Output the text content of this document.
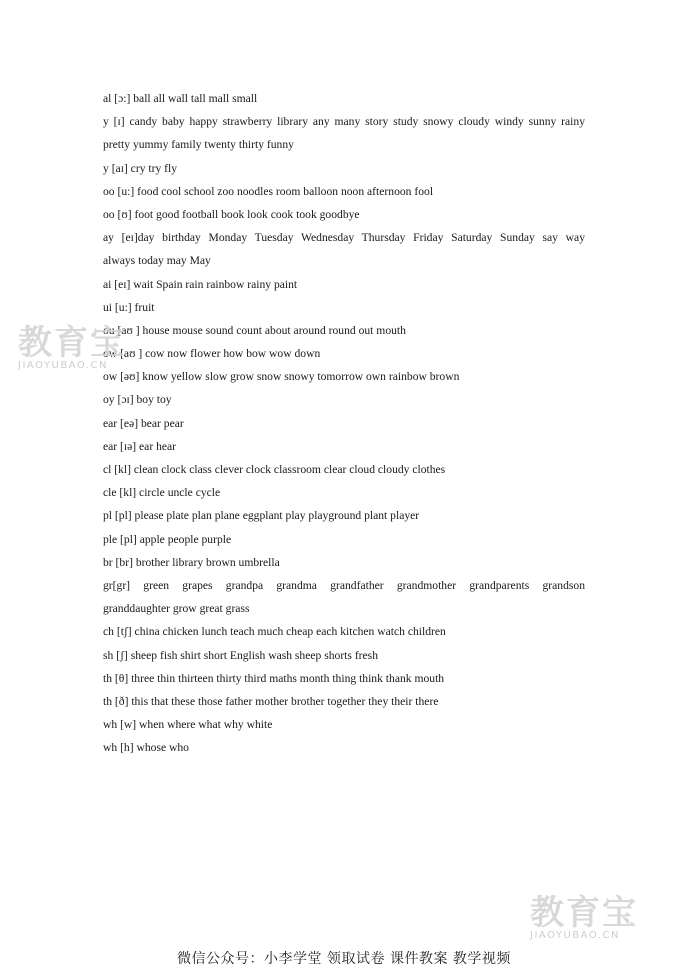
al [ɔ:] ball all wall tall mall small
y [ɪ] candy baby happy strawberry library any many story study snowy cloudy windy sunny rainy
pretty yummy family twenty thirty funny
y [aɪ] cry try fly
oo [u:] food cool school zoo noodles room balloon noon afternoon fool
oo [ʊ] foot good football book look cook took goodbye
ay [eɪ]day birthday Monday Tuesday Wednesday Thursday Friday Saturday Sunday say way
always today may May
ai [eɪ] wait Spain rain rainbow rainy paint
ui [u:] fruit
ou [aʊ ] house mouse sound count about around round out mouth
ow [aʊ ] cow now flower how bow wow down
ow [əʊ] know yellow slow grow snow snowy tomorrow own rainbow brown
oy [ɔɪ] boy toy
ear [eə] bear pear
ear [ɪə] ear hear
cl [kl] clean clock class clever clock classroom clear cloud cloudy clothes
cle [kl] circle uncle cycle
pl [pl] please plate plan plane eggplant play playground plant player
ple [pl] apple people purple
br [br] brother library brown umbrella
gr[gr] green grapes grandpa grandma grandfather grandmother grandparents grandson
granddaughter grow great grass
ch [tʃ] china chicken lunch teach much cheap each kitchen watch children
sh [ʃ] sheep fish shirt short English wash sheep shorts fresh
th [θ] three thin thirteen thirty third maths month thing think thank mouth
th [ð] this that these those father mother brother together they their there
wh [w] when where what why white
wh [h] whose who
教育宝
JIAOYUBAO.CN
教育宝
JIAOYUBAO.CN
微信公众号：小李学堂 领取试卷 课件教案 教学视频
